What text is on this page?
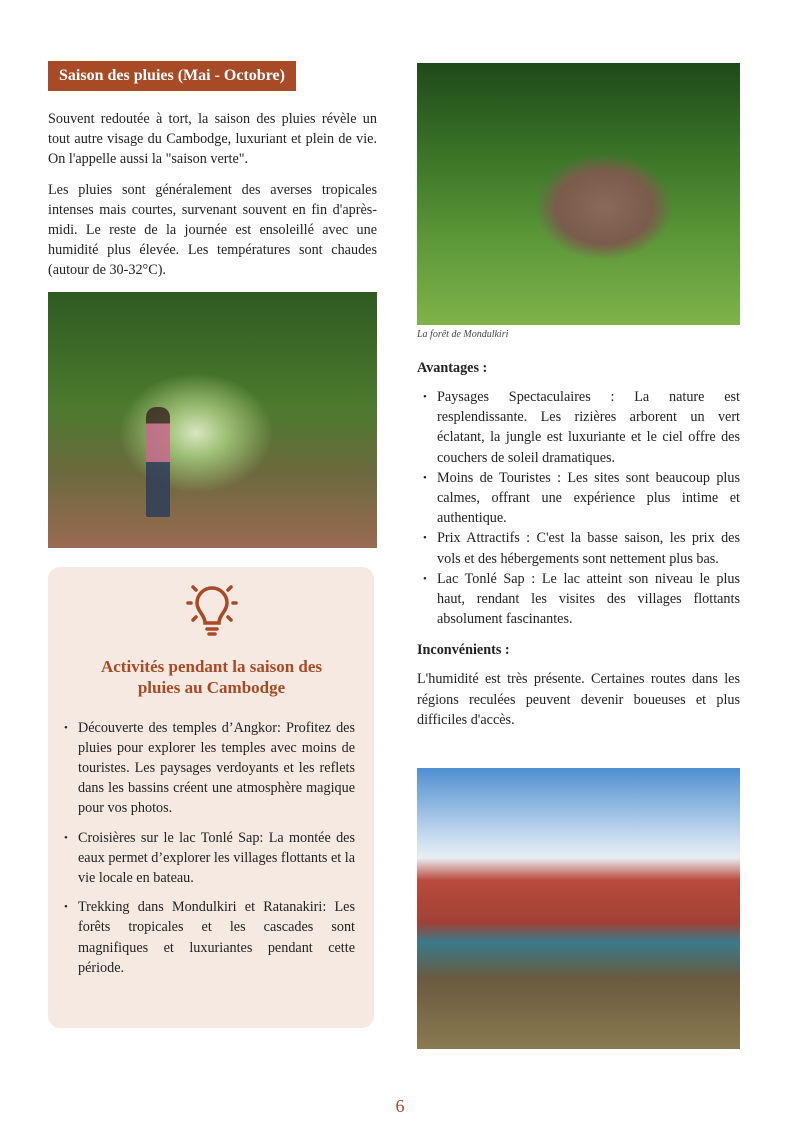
Saison des pluies (Mai - Octobre)

Souvent redoutée à tort, la saison des pluies révèle un tout autre visage du Cambodge, luxuriant et plein de vie. On l'appelle aussi la "saison verte".

Les pluies sont généralement des averses tropicales intenses mais courtes, survenant souvent en fin d'après-midi. Le reste de la journée est ensoleillé avec une humidité plus élevée. Les températures sont chaudes (autour de 30-32°C).

Activités pendant la saison des pluies au Cambodge
• Découverte des temples d’Angkor: Profitez des pluies pour explorer les temples avec moins de touristes. Les paysages verdoyants et les reflets dans les bassins créent une atmosphère magique pour vos photos.
• Croisières sur le lac Tonlé Sap: La montée des eaux permet d’explorer les villages flottants et la vie locale en bateau.
• Trekking dans Mondulkiri et Ratanakiri: Les forêts tropicales et les cascades sont magnifiques et luxuriantes pendant cette période.
La forêt de Mondulkiri
Avantages :
• Paysages Spectaculaires : La nature est resplendissante. Les rizières arborent un vert éclatant, la jungle est luxuriante et le ciel offre des couchers de soleil dramatiques.
• Moins de Touristes : Les sites sont beaucoup plus calmes, offrant une expérience plus intime et authentique.
• Prix Attractifs : C'est la basse saison, les prix des vols et des hébergements sont nettement plus bas.
• Lac Tonlé Sap : Le lac atteint son niveau le plus haut, rendant les visites des villages flottants absolument fascinantes.
Inconvénients :

L'humidité est très présente. Certaines routes dans les régions reculées peuvent devenir boueuses et plus difficiles d'accès.

6
